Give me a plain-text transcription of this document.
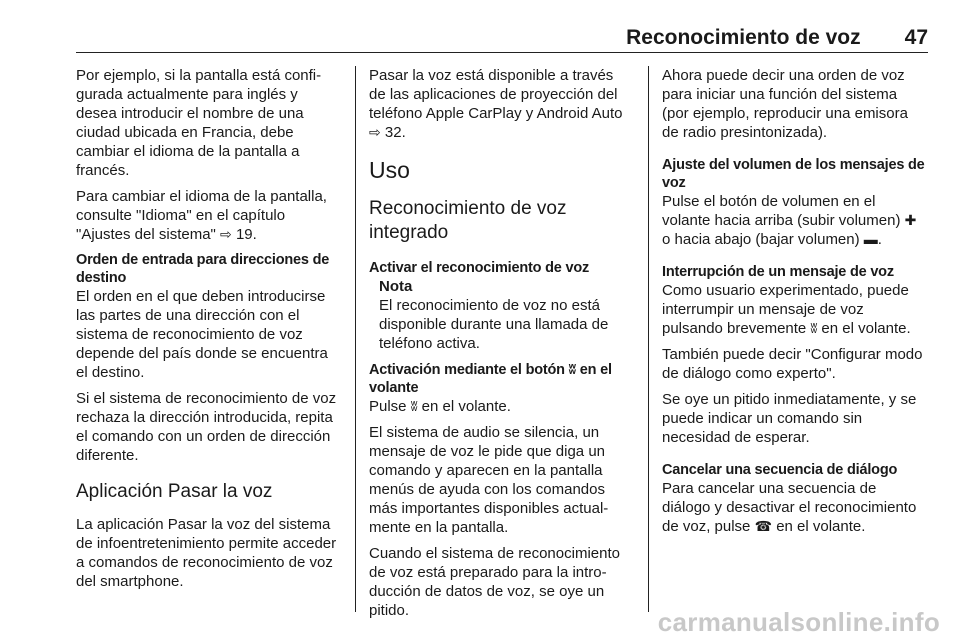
Reconocimiento de voz 47

Por ejemplo, si la pantalla está configurada actualmente para inglés y desea introducir el nombre de una ciudad ubicada en Francia, debe cambiar el idioma de la pantalla a francés.

Para cambiar el idioma de la pantalla, consulte "Idioma" en el capítulo "Ajustes del sistema" ⇨ 19.

Orden de entrada para direcciones de destino

El orden en el que deben introducirse las partes de una dirección con el sistema de reconocimiento de voz depende del país donde se encuentra el destino.

Si el sistema de reconocimiento de voz rechaza la dirección introducida, repita el comando con un orden de dirección diferente.

Aplicación Pasar la voz

La aplicación Pasar la voz del sistema de infoentretenimiento permite acceder a comandos de reconocimiento de voz del smartphone.

Pasar la voz está disponible a través de las aplicaciones de proyección del teléfono Apple CarPlay y Android Auto⇨ 32.

Uso
Reconocimiento de voz integrado
Activar el reconocimiento de voz
Nota

El reconocimiento de voz no está disponible durante una llamada de teléfono activa.

Activación mediante el botón ʬ en el volante

Pulse ʬ en el volante.

El sistema de audio se silencia, un mensaje de voz le pide que diga un comando y aparecen en la pantalla menús de ayuda con los comandos más importantes disponibles actualmente en la pantalla.

Cuando el sistema de reconocimiento de voz está preparado para la introducción de datos de voz, se oye un pitido.

Ahora puede decir una orden de voz para iniciar una función del sistema (por ejemplo, reproducir una emisora de radio presintonizada).

Ajuste del volumen de los mensajes de voz

Pulse el botón de volumen en el volante hacia arriba (subir volumen) ✚ o hacia abajo (bajar volumen) ▬.

Interrupción de un mensaje de voz

Como usuario experimentado, puede interrumpir un mensaje de voz pulsando brevemente ʬ en el volante.

También puede decir "Configurar modo de diálogo como experto".

Se oye un pitido inmediatamente, y se puede indicar un comando sin necesidad de esperar.

Cancelar una secuencia de diálogo

Para cancelar una secuencia de diálogo y desactivar el reconocimiento de voz, pulse ☎ en el volante.

carmanualsonline.info
